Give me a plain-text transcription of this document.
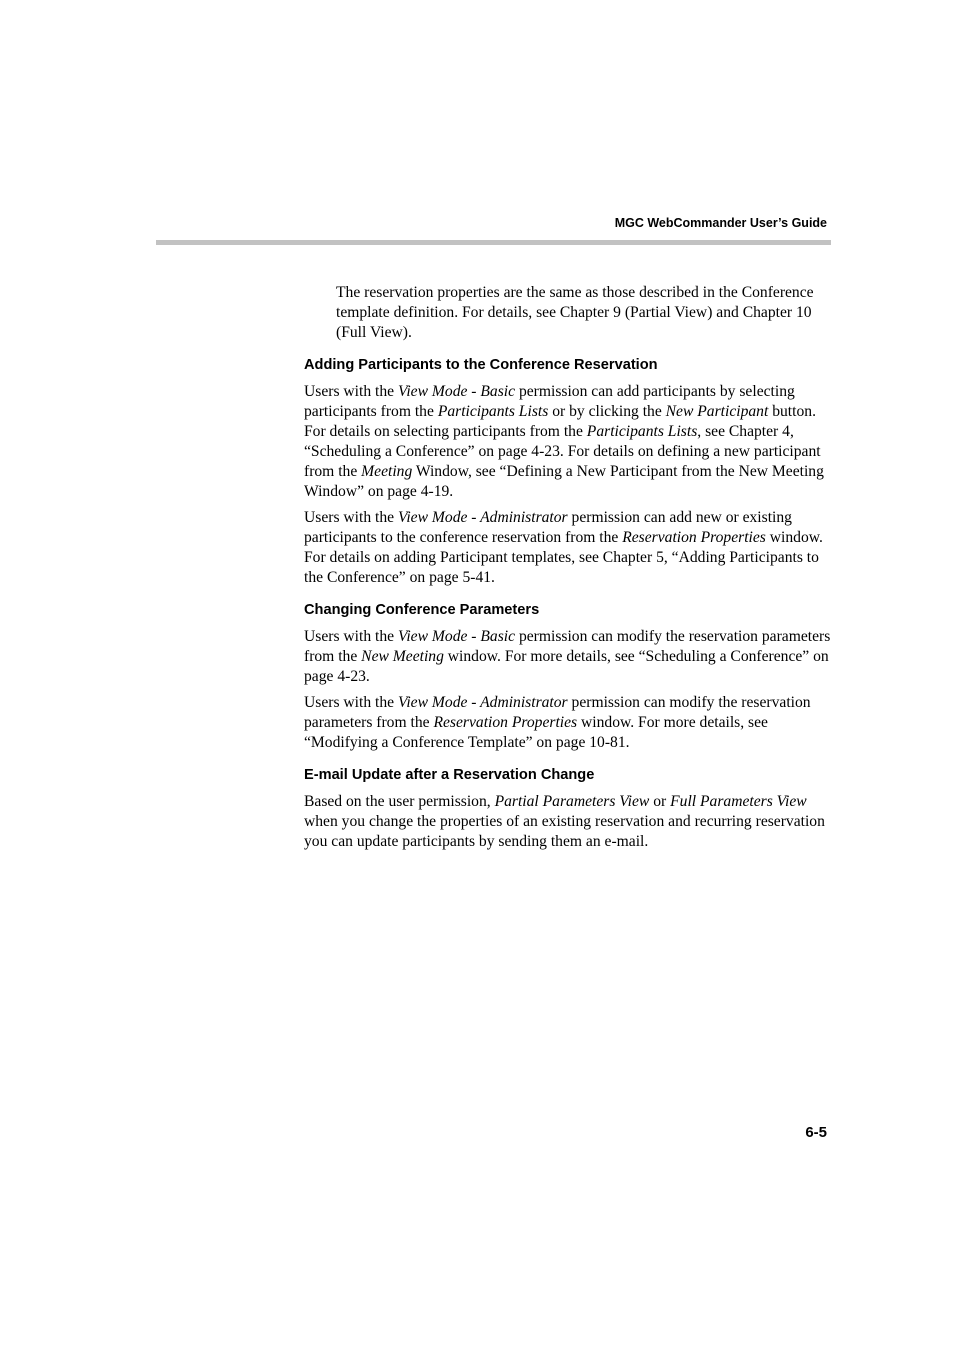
MGC WebCommander User’s Guide

The reservation properties are the same as those described in the Conference template definition. For details, see Chapter 9 (Partial View) and Chapter 10 (Full View).

Adding Participants to the Conference Reservation

Users with the View Mode - Basic permission can add participants by selecting participants from the Participants Lists or by clicking the New Participant button. For details on selecting participants from the Participants Lists, see Chapter 4, “Scheduling a Conference” on page 4-23. For details on defining a new participant from the Meeting Window, see “Defining a New Participant from the New Meeting Window” on page 4-19.

Users with the View Mode - Administrator permission can add new or existing participants to the conference reservation from the Reservation Properties window. For details on adding Participant templates, see Chapter 5, “Adding Participants to the Conference” on page 5-41.

Changing Conference Parameters

Users with the View Mode - Basic permission can modify the reservation parameters from the New Meeting window. For more details, see “Scheduling a Conference” on page 4-23.

Users with the View Mode - Administrator permission can modify the reservation parameters from the Reservation Properties window. For more details, see “Modifying a Conference Template” on page 10-81.

E-mail Update after a Reservation Change

Based on the user permission, Partial Parameters View or Full Parameters View when you change the properties of an existing reservation and recurring reservation you can update participants by sending them an e-mail.

6-5
